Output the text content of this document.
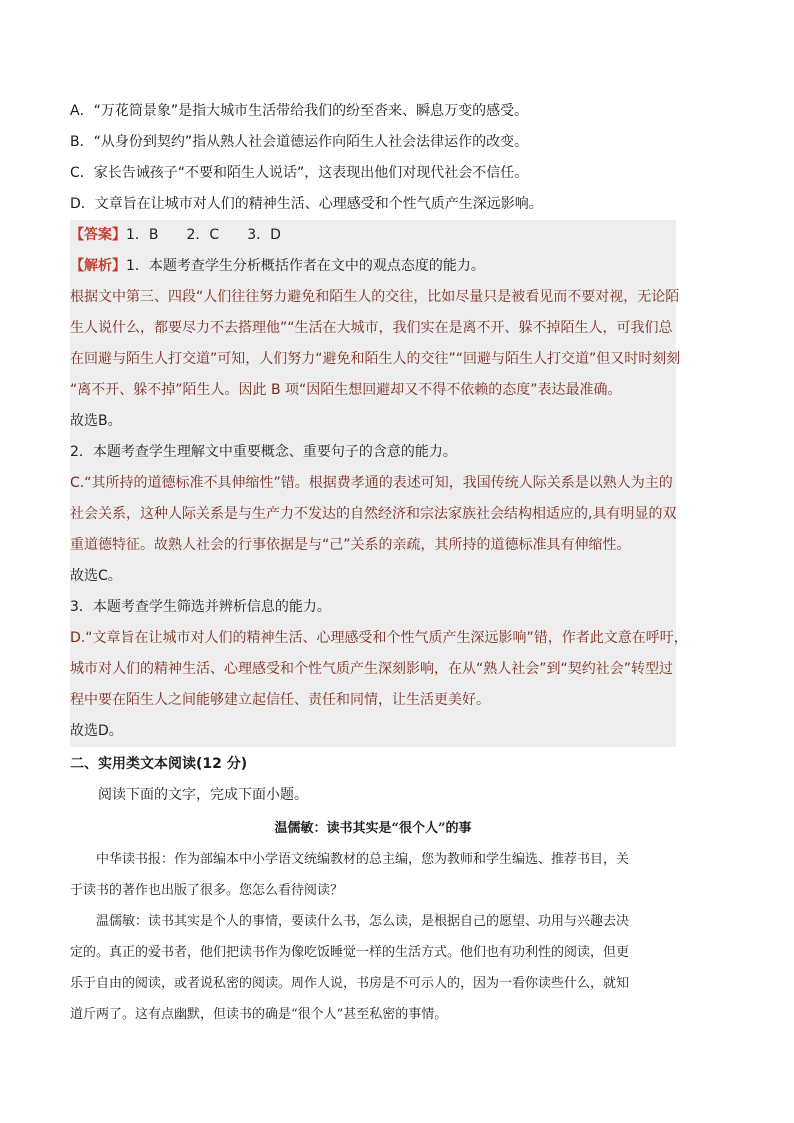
A．“万花筒景象”是指大城市生活带给我们的纷至沓来、瞬息万变的感受。
B．“从身份到契约”指从熟人社会道德运作向陌生人社会法律运作的改变。
C．家长告诫孩子“不要和陌生人说话”，这表现出他们对现代社会不信任。
D．文章旨在让城市对人们的精神生活、心理感受和个性气质产生深远影响。
【答案】1．B　　2．C　　3．D
【解析】1．本题考查学生分析概括作者在文中的观点态度的能力。
根据文中第三、四段“人们往往努力避免和陌生人的交往，比如尽量只是被看见而不要对视，无论陌
生人说什么，都要尽力不去搭理他”“生活在大城市，我们实在是离不开、躲不掉陌生人，可我们总
在回避与陌生人打交道”可知，人们努力“避免和陌生人的交往”“回避与陌生人打交道”但又时时刻刻
“离不开、躲不掉”陌生人。因此 B 项“因陌生想回避却又不得不依赖的态度”表达最准确。
故选B。
2．本题考查学生理解文中重要概念、重要句子的含意的能力。
C.“其所持的道德标准不具伸缩性”错。根据费孝通的表述可知，我国传统人际关系是以熟人为主的
社会关系，这种人际关系是与生产力不发达的自然经济和宗法家族社会结构相适应的,具有明显的双
重道德特征。故熟人社会的行事依据是与“己”关系的亲疏，其所持的道德标准具有伸缩性。
故选C。
3．本题考查学生筛选并辨析信息的能力。
D.“文章旨在让城市对人们的精神生活、心理感受和个性气质产生深远影响”错，作者此文意在呼吁，
城市对人们的精神生活、心理感受和个性气质产生深刻影响，在从“熟人社会”到“契约社会”转型过
程中要在陌生人之间能够建立起信任、责任和同情，让生活更美好。
故选D。
二、实用类文本阅读(12 分)
阅读下面的文字，完成下面小题。
温儒敏：读书其实是“很个人”的事

中华读书报：作为部编本中小学语文统编教材的总主编，您为教师和学生编选、推荐书目，关

于读书的著作也出版了很多。您怎么看待阅读？

温儒敏：读书其实是个人的事情，要读什么书，怎么读，是根据自己的愿望、功用与兴趣去决

定的。真正的爱书者，他们把读书作为像吃饭睡觉一样的生活方式。他们也有功利性的阅读，但更

乐于自由的阅读，或者说私密的阅读。周作人说，书房是不可示人的，因为一看你读些什么，就知

道斤两了。这有点幽默，但读书的确是“很个人”甚至私密的事情。
